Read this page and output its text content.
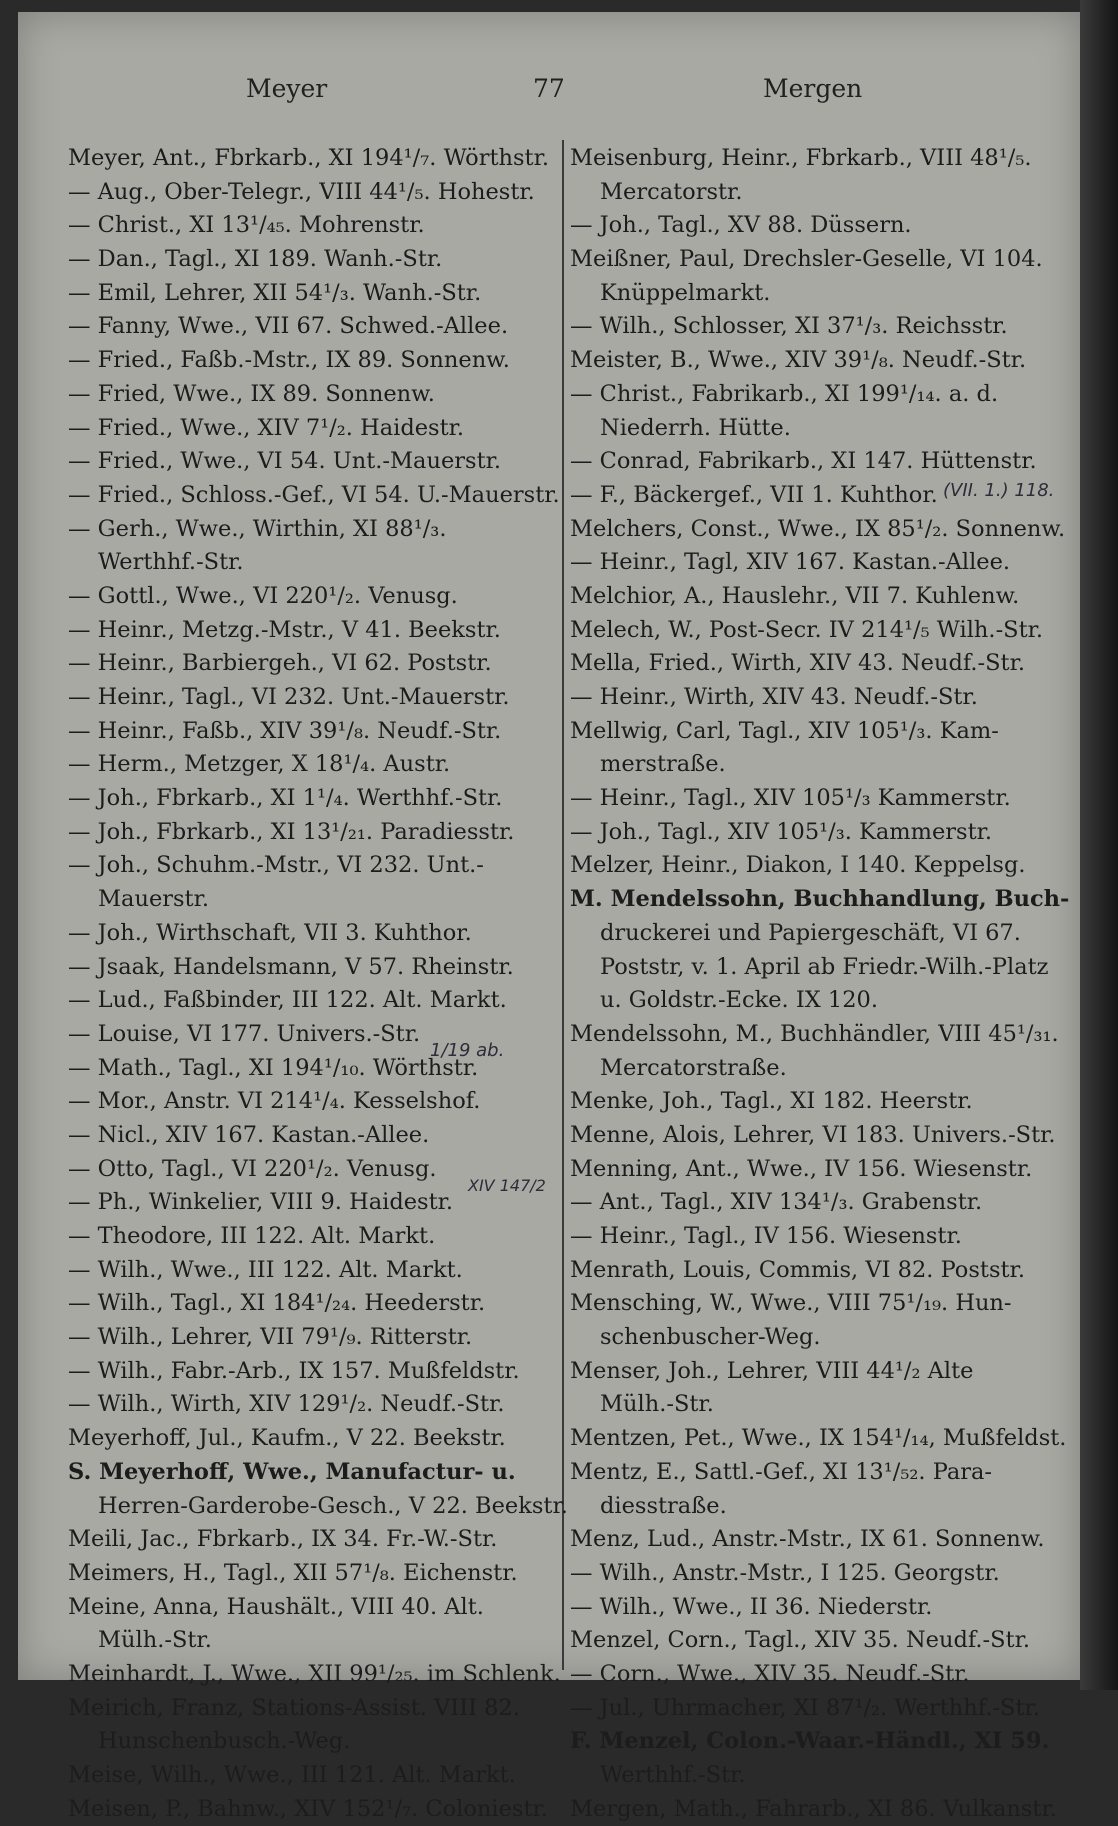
Meyer	77	Mergen
Meyer, Ant., Fbrkarb., XI 194¹/₇. Wörthstr.
— Aug., Ober-Telegr., VIII 44¹/₅. Hohestr.
— Christ., XI 13¹/₄₅. Mohrenstr.
— Dan., Tagl., XI 189. Wanh.-Str.
— Emil, Lehrer, XII 54¹/₃. Wanh.-Str.
— Fanny, Wwe., VII 67. Schwed.-Allee.
— Fried., Faßb.-Mstr., IX 89. Sonnenw.
— Fried, Wwe., IX 89. Sonnenw.
— Fried., Wwe., XIV 7¹/₂. Haidestr.
— Fried., Wwe., VI 54. Unt.-Mauerstr.
— Fried., Schloss.-Gef., VI 54. U.-Mauerstr.
— Gerh., Wwe., Wirthin, XI 88¹/₃.
Werthhf.-Str.
— Gottl., Wwe., VI 220¹/₂. Venusg.
— Heinr., Metzg.-Mstr., V 41. Beekstr.
— Heinr., Barbiergeh., VI 62. Poststr.
— Heinr., Tagl., VI 232. Unt.-Mauerstr.
— Heinr., Faßb., XIV 39¹/₈. Neudf.-Str.
— Herm., Metzger, X 18¹/₄. Austr.
— Joh., Fbrkarb., XI 1¹/₄. Werthhf.-Str.
— Joh., Fbrkarb., XI 13¹/₂₁. Paradiesstr.
— Joh., Schuhm.-Mstr., VI 232. Unt.-
Mauerstr.
— Joh., Wirthschaft, VII 3. Kuhthor.
— Jsaak, Handelsmann, V 57. Rheinstr.
— Lud., Faßbinder, III 122. Alt. Markt.
— Louise, VI 177. Univers.-Str.
— Math., Tagl., XI 194¹/₁₀. Wörthstr.
— Mor., Anstr. VI 214¹/₄. Kesselshof.
— Nicl., XIV 167. Kastan.-Allee.
— Otto, Tagl., VI 220¹/₂. Venusg.
— Ph., Winkelier, VIII 9. Haidestr.
— Theodore, III 122. Alt. Markt.
— Wilh., Wwe., III 122. Alt. Markt.
— Wilh., Tagl., XI 184¹/₂₄. Heederstr.
— Wilh., Lehrer, VII 79¹/₉. Ritterstr.
— Wilh., Fabr.-Arb., IX 157. Mußfeldstr.
— Wilh., Wirth, XIV 129¹/₂. Neudf.-Str.
Meyerhoff, Jul., Kaufm., V 22. Beekstr.
S. Meyerhoff, Wwe., Manufactur- u.
Herren-Garderobe-Gesch., V 22. Beekstr.
Meili, Jac., Fbrkarb., IX 34. Fr.-W.-Str.
Meimers, H., Tagl., XII 57¹/₈. Eichenstr.
Meine, Anna, Haushält., VIII 40. Alt.
Mülh.-Str.
Meinhardt, J., Wwe., XII 99¹/₂₅. im Schlenk.
Meirich, Franz, Stations-Assist. VIII 82.
Hunschenbusch.-Weg.
Meise, Wilh., Wwe., III 121. Alt. Markt.
Meisen, P., Bahnw., XIV 152¹/₇. Coloniestr.
Meisenburg, Heinr., Fbrkarb., VIII 48¹/₅.
Mercatorstr.
— Joh., Tagl., XV 88. Düssern.
Meißner, Paul, Drechsler-Geselle, VI 104.
Knüppelmarkt.
— Wilh., Schlosser, XI 37¹/₃. Reichsstr.
Meister, B., Wwe., XIV 39¹/₈. Neudf.-Str.
— Christ., Fabrikarb., XI 199¹/₁₄. a. d.
Niederrh. Hütte.
— Conrad, Fabrikarb., XI 147. Hüttenstr.
— F., Bäckergef., VII 1. Kuhthor.
Melchers, Const., Wwe., IX 85¹/₂. Sonnenw.
— Heinr., Tagl, XIV 167. Kastan.-Allee.
Melchior, A., Hauslehr., VII 7. Kuhlenw.
Melech, W., Post-Secr. IV 214¹/₅ Wilh.-Str.
Mella, Fried., Wirth, XIV 43. Neudf.-Str.
— Heinr., Wirth, XIV 43. Neudf.-Str.
Mellwig, Carl, Tagl., XIV 105¹/₃. Kam-
merstraße.
— Heinr., Tagl., XIV 105¹/₃ Kammerstr.
— Joh., Tagl., XIV 105¹/₃. Kammerstr.
Melzer, Heinr., Diakon, I 140. Keppelsg.
M. Mendelssohn, Buchhandlung, Buch-
druckerei und Papiergeschäft, VI 67.
Poststr, v. 1. April ab Friedr.-Wilh.-Platz
u. Goldstr.-Ecke. IX 120.
Mendelssohn, M., Buchhändler, VIII 45¹/₃₁.
Mercatorstraße.
Menke, Joh., Tagl., XI 182. Heerstr.
Menne, Alois, Lehrer, VI 183. Univers.-Str.
Menning, Ant., Wwe., IV 156. Wiesenstr.
— Ant., Tagl., XIV 134¹/₃. Grabenstr.
— Heinr., Tagl., IV 156. Wiesenstr.
Menrath, Louis, Commis, VI 82. Poststr.
Mensching, W., Wwe., VIII 75¹/₁₉. Hun-
schenbuscher-Weg.
Menser, Joh., Lehrer, VIII 44¹/₂ Alte
Mülh.-Str.
Mentzen, Pet., Wwe., IX 154¹/₁₄, Mußfeldst.
Mentz, E., Sattl.-Gef., XI 13¹/₅₂. Para-
diesstraße.
Menz, Lud., Anstr.-Mstr., IX 61. Sonnenw.
— Wilh., Anstr.-Mstr., I 125. Georgstr.
— Wilh., Wwe., II 36. Niederstr.
Menzel, Corn., Tagl., XIV 35. Neudf.-Str.
— Corn., Wwe., XIV 35. Neudf.-Str.
— Jul., Uhrmacher, XI 87¹/₂. Werthhf.-Str.
F. Menzel, Colon.-Waar.-Händl., XI 59.
Werthhf.-Str.
Mergen, Math., Fahrarb., XI 86. Vulkanstr.
1/19 ab.
XIV 147/2
(VII. 1.) 118.
